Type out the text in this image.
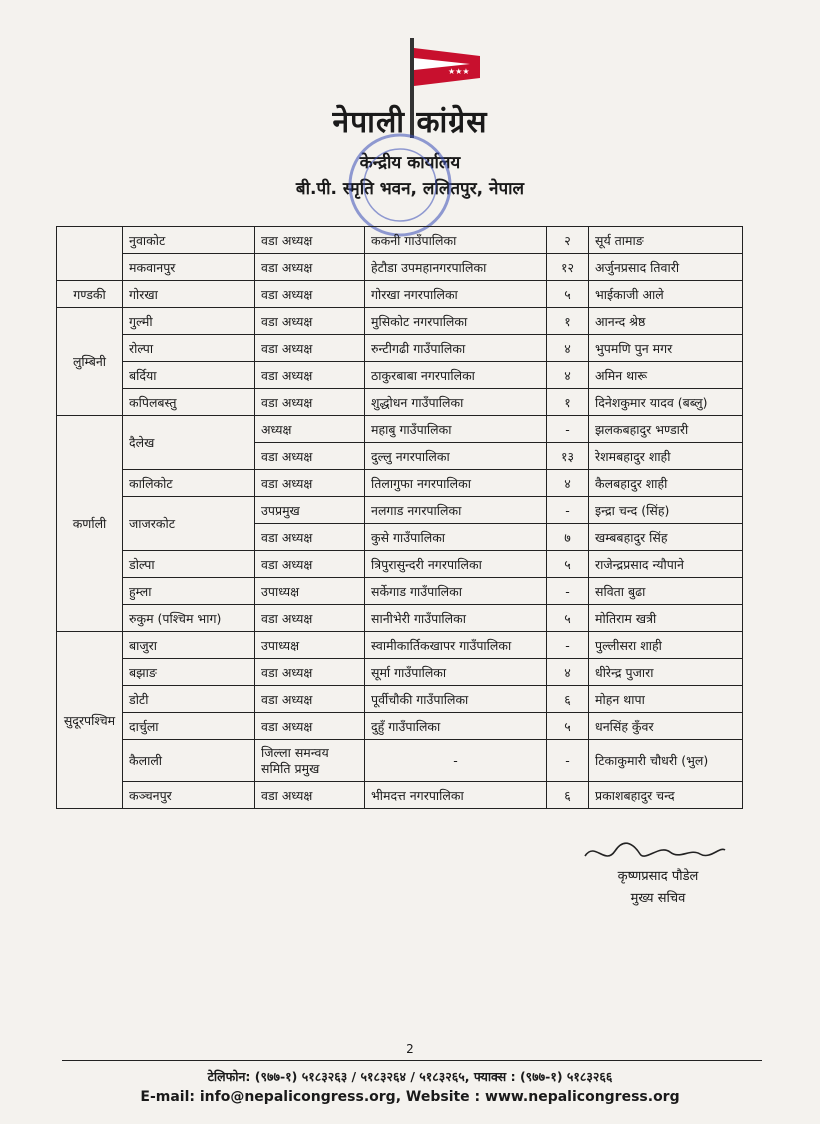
★★★
नेपाली कांग्रेस
केन्द्रीय कार्यालय
बी.पी. स्मृति भवन, ललितपुर, नेपाल
	नुवाकोट	वडा अध्यक्ष	ककनी गाउँपालिका	२	सूर्य तामाङ
	मकवानपुर	वडा अध्यक्ष	हेटौडा उपमहानगरपालिका	१२	अर्जुनप्रसाद तिवारी
गण्डकी	गोरखा	वडा अध्यक्ष	गोरखा नगरपालिका	५	भाईकाजी आले
लुम्बिनी	गुल्मी	वडा अध्यक्ष	मुसिकोट नगरपालिका	१	आनन्द श्रेष्ठ
	रोल्पा	वडा अध्यक्ष	रुन्टीगढी गाउँपालिका	४	भुपमणि पुन मगर
	बर्दिया	वडा अध्यक्ष	ठाकुरबाबा नगरपालिका	४	अमिन थारू
	कपिलबस्तु	वडा अध्यक्ष	शुद्धोधन गाउँपालिका	१	दिनेशकुमार यादव (बब्लु)
कर्णाली	दैलेख	अध्यक्ष	महाबु गाउँपालिका	-	झलकबहादुर भण्डारी
		वडा अध्यक्ष	दुल्लु नगरपालिका	१३	रेशमबहादुर शाही
	कालिकोट	वडा अध्यक्ष	तिलागुफा नगरपालिका	४	कैलबहादुर शाही
	जाजरकोट	उपप्रमुख	नलगाड नगरपालिका	-	इन्द्रा चन्द (सिंह)
		वडा अध्यक्ष	कुसे गाउँपालिका	७	खम्बबहादुर सिंह
	डोल्पा	वडा अध्यक्ष	त्रिपुरासुन्दरी नगरपालिका	५	राजेन्द्रप्रसाद न्यौपाने
	हुम्ला	उपाध्यक्ष	सर्केगाड गाउँपालिका	-	सविता बुढा
	रुकुम (पश्चिम भाग)	वडा अध्यक्ष	सानीभेरी गाउँपालिका	५	मोतिराम खत्री
सुदूरपश्चिम	बाजुरा	उपाध्यक्ष	स्वामीकार्तिकखापर गाउँपालिका	-	पुल्लीसरा शाही
	बझाङ	वडा अध्यक्ष	सूर्मा गाउँपालिका	४	धीरेन्द्र पुजारा
	डोटी	वडा अध्यक्ष	पूर्वीचौकी गाउँपालिका	६	मोहन थापा
	दार्चुला	वडा अध्यक्ष	दुहुँ गाउँपालिका	५	धनसिंह कुँवर
	कैलाली	जिल्ला समन्वय
समिति प्रमुख	-	-	टिकाकुमारी चौधरी (भुल)
	कञ्चनपुर	वडा अध्यक्ष	भीमदत्त नगरपालिका	६	प्रकाशबहादुर चन्द
कृष्णप्रसाद पौडेल
मुख्य सचिव
2
टेलिफोन: (९७७-१) ५१८३२६३ / ५१८३२६४ / ५१८३२६५, फ्याक्स : (९७७-१) ५१८३२६६
E-mail: info@nepalicongress.org, Website : www.nepalicongress.org
